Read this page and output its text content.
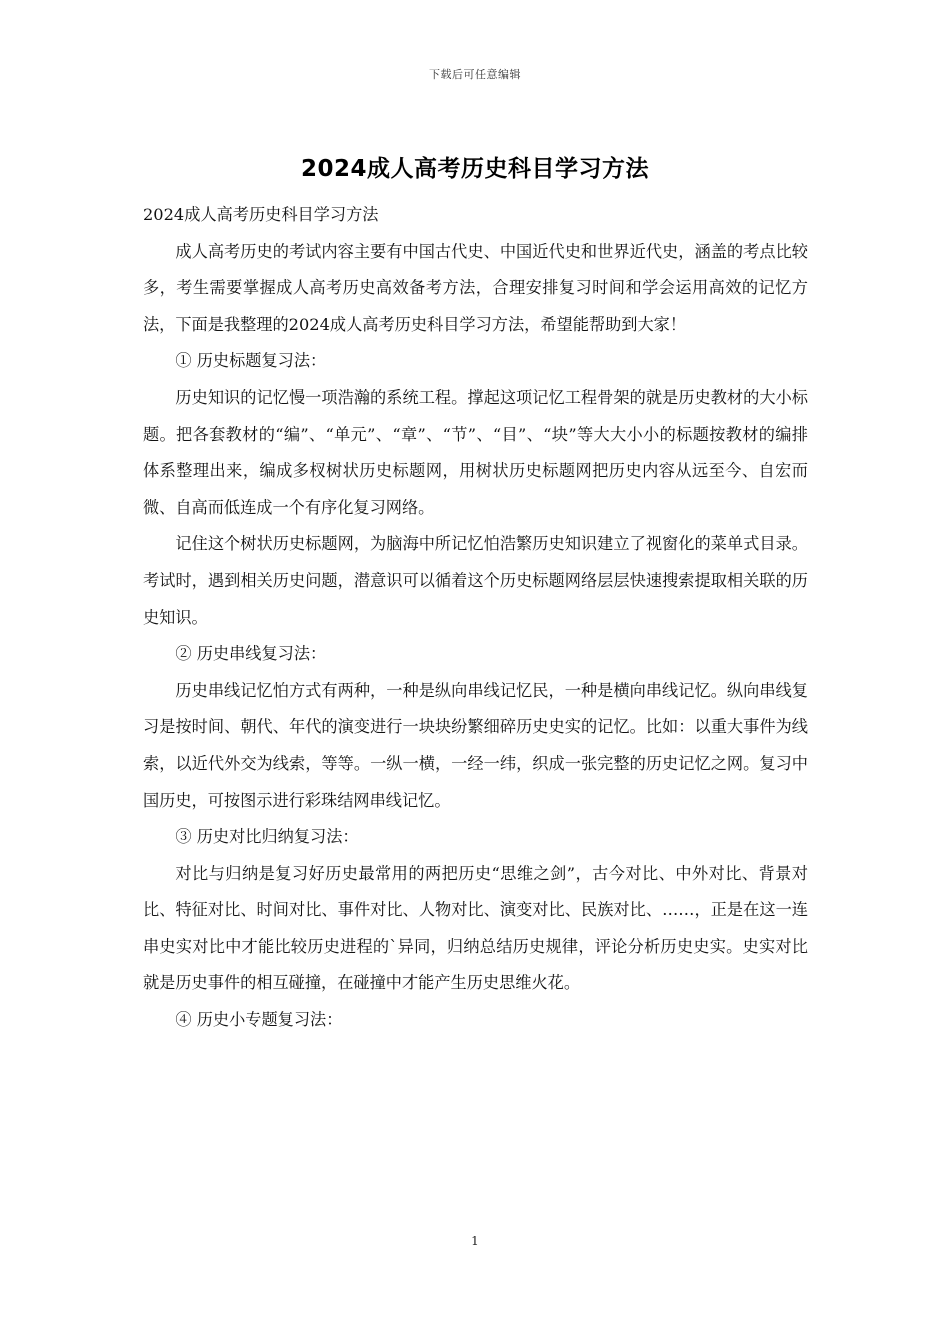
下载后可任意编辑
2024成人高考历史科目学习方法

2024成人高考历史科目学习方法

成人高考历史的考试内容主要有中国古代史、中国近代史和世界近代史，涵盖的考点比较多，考生需要掌握成人高考历史高效备考方法，合理安排复习时间和学会运用高效的记忆方法，下面是我整理的2024成人高考历史科目学习方法，希望能帮助到大家！

① 历史标题复习法：

历史知识的记忆慢一项浩瀚的系统工程。撑起这项记忆工程骨架的就是历史教材的大小标题。把各套教材的“编”、“单元”、“章”、“节”、“目”、“块”等大大小小的标题按教材的编排体系整理出来，编成多杈树状历史标题网，用树状历史标题网把历史内容从远至今、自宏而微、自高而低连成一个有序化复习网络。

记住这个树状历史标题网，为脑海中所记忆怕浩繁历史知识建立了视窗化的菜单式目录。考试时，遇到相关历史问题，潜意识可以循着这个历史标题网络层层快速搜索提取相关联的历史知识。

② 历史串线复习法：

历史串线记忆怕方式有两种，一种是纵向串线记忆民，一种是横向串线记忆。纵向串线复习是按时间、朝代、年代的演变进行一块块纷繁细碎历史史实的记忆。比如：以重大事件为线索，以近代外交为线索，等等。一纵一横，一经一纬，织成一张完整的历史记忆之网。复习中国历史，可按图示进行彩珠结网串线记忆。

③ 历史对比归纳复习法：

对比与归纳是复习好历史最常用的两把历史“思维之剑”，古今对比、中外对比、背景对比、特征对比、时间对比、事件对比、人物对比、演变对比、民族对比、……，正是在这一连串史实对比中才能比较历史进程的`异同，归纳总结历史规律，评论分析历史史实。史实对比就是历史事件的相互碰撞，在碰撞中才能产生历史思维火花。

④ 历史小专题复习法：

1
